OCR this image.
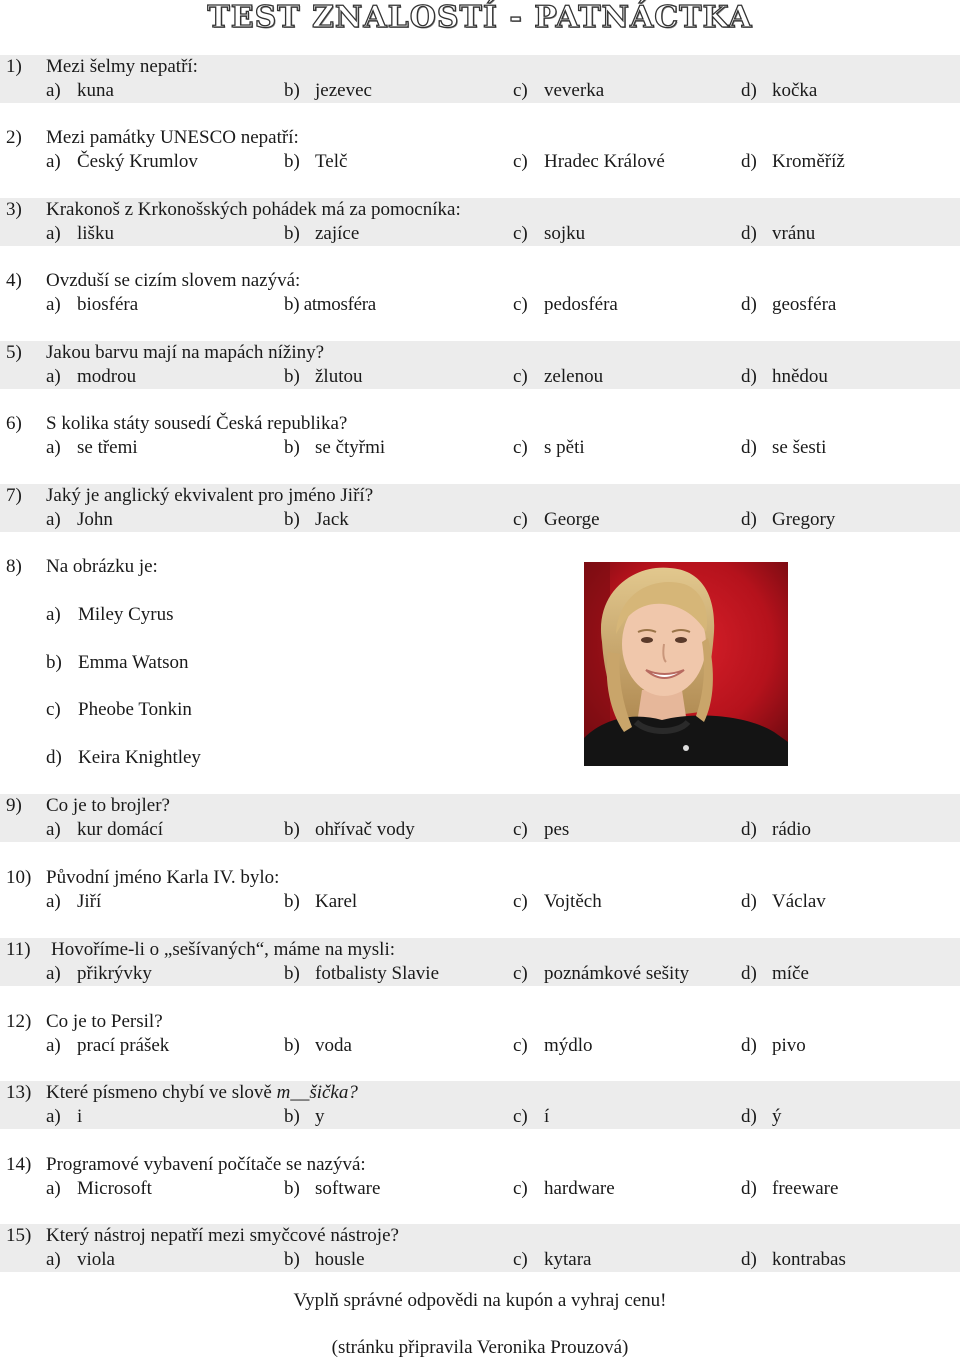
TEST ZNALOSTÍ - PATNÁCTKA
1) Mezi šelmy nepatří:
a) kuna	b) jezevec	c) veverka	d) kočka
2) Mezi památky UNESCO nepatří:
a) Český Krumlov	b) Telč	c) Hradec Králové	d) Kroměříž
3) Krakonoš z Krkonošských pohádek má za pomocníka:
a) lišku	b) zajíce	c) sojku	d) vránu
4) Ovzduší se cizím slovem nazývá:
a) biosféra	b) atmosféra	c) pedosféra	d) geosféra
5) Jakou barvu mají na mapách nížiny?
a) modrou	b) žlutou	c) zelenou	d) hnědou
6) S kolika státy sousedí Česká republika?
a) se třemi	b) se čtyřmi	c) s pěti	d) se šesti
7) Jaký je anglický ekvivalent pro jméno Jiří?
a) John	b) Jack	c) George	d) Gregory
8) Na obrázku je:
a) Miley Cyrus
b) Emma Watson
c) Pheobe Tonkin
d) Keira Knightley
9) Co je to brojler?
a) kur domácí	b) ohřívač vody	c) pes	d) rádio
10) Původní jméno Karla IV. bylo:
a) Jiří	b) Karel	c) Vojtěch	d) Václav
11) Hovoříme-li o „sešívaných“, máme na mysli:
a) přikrývky	b) fotbalisty Slavie	c) poznámkové sešity	d) míče
12) Co je to Persil?
a) prací prášek	b) voda	c) mýdlo	d) pivo
13) Které písmeno chybí ve slově m__šička?
a) i	b) y	c) í	d) ý
14) Programové vybavení počítače se nazývá:
a) Microsoft	b) software	c) hardware	d) freeware
15) Který nástroj nepatří mezi smyčcové nástroje?
a) viola	b) housle	c) kytara	d) kontrabas
Vyplň správné odpovědi na kupón a vyhraj cenu!
(stránku připravila Veronika Prouzová)
